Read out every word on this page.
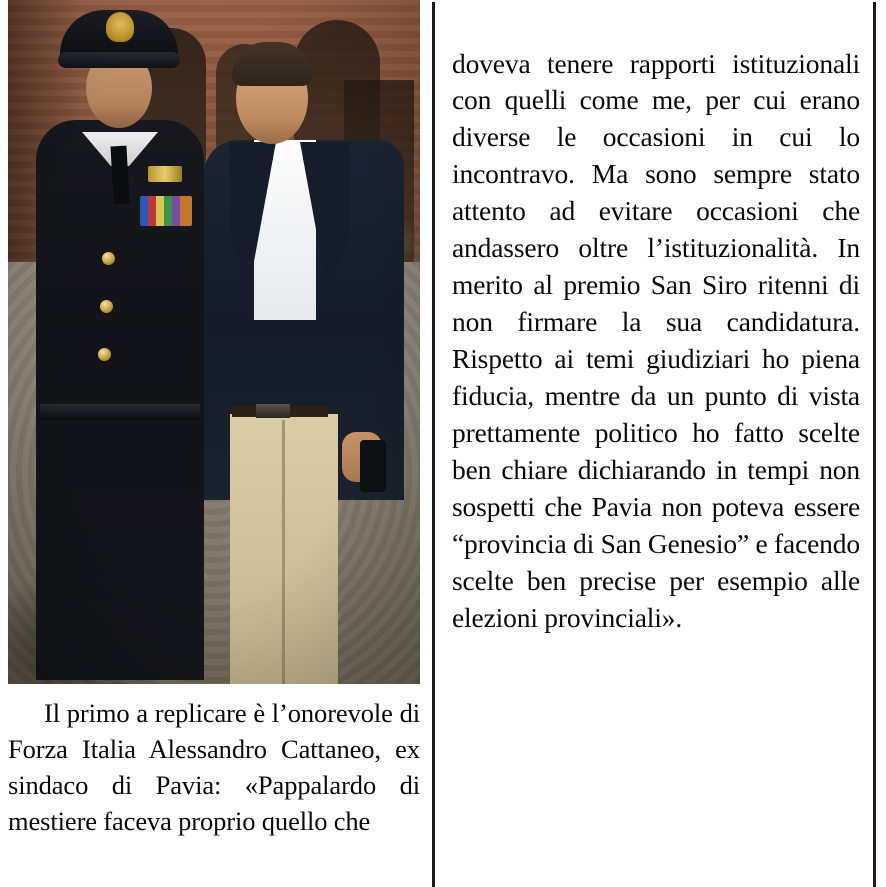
Il primo a replicare è l’onorevole di Forza Italia Alessandro Cattaneo, ex sindaco di Pavia: «Pappalardo di mestiere faceva proprio quello che

doveva tenere rapporti istituzionali con quelli come me, per cui erano diverse le occasioni in cui lo incontravo. Ma sono sempre stato attento ad evitare occasioni che andassero oltre l’istituzionalità. In merito al premio San Siro ritenni di non firmare la sua candidatura. Rispetto ai temi giudiziari ho piena fiducia, mentre da un punto di vista prettamente politico ho fatto scelte ben chiare dichiarando in tempi non sospetti che Pavia non poteva essere “provincia di San Genesio” e facendo scelte ben precise per esempio alle elezioni provinciali».
